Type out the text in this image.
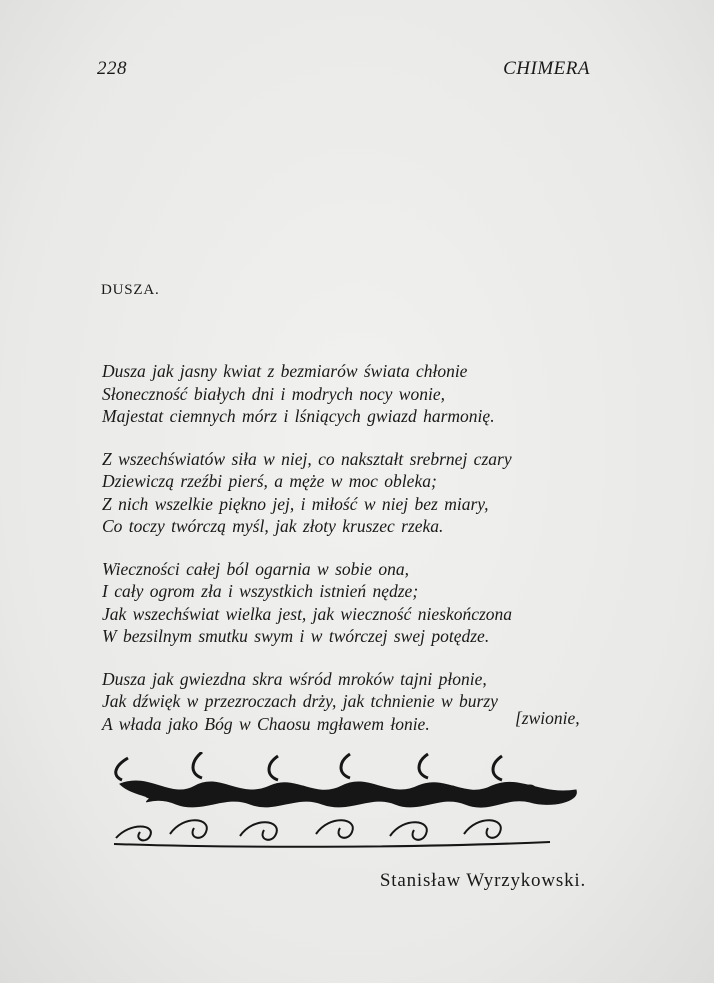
228	CHIMERA
DUSZA.
Dusza jak jasny kwiat z bezmiarów świata chłonie
Słoneczność białych dni i modrych nocy wonie,
Majestat ciemnych mórz i lśniących gwiazd harmonię.
Z wszechświatów siła w niej, co nakształt srebrnej czary
Dziewiczą rzeźbi pierś, a męże w moc obleka;
Z nich wszelkie piękno jej, i miłość w niej bez miary,
Co toczy twórczą myśl, jak złoty kruszec rzeka.
Wieczności całej ból ogarnia w sobie ona,
I cały ogrom zła i wszystkich istnień nędze;
Jak wszechświat wielka jest, jak wieczność nieskończona
W bezsilnym smutku swym i w twórczej swej potędze.
Dusza jak gwiezdna skra wśród mroków tajni płonie,
Jak dźwięk w przezroczach drży, jak tchnienie w burzy
A włada jako Bóg w Chaosu mgławem łonie.	[zwionie,
Stanisław Wyrzykowski.
